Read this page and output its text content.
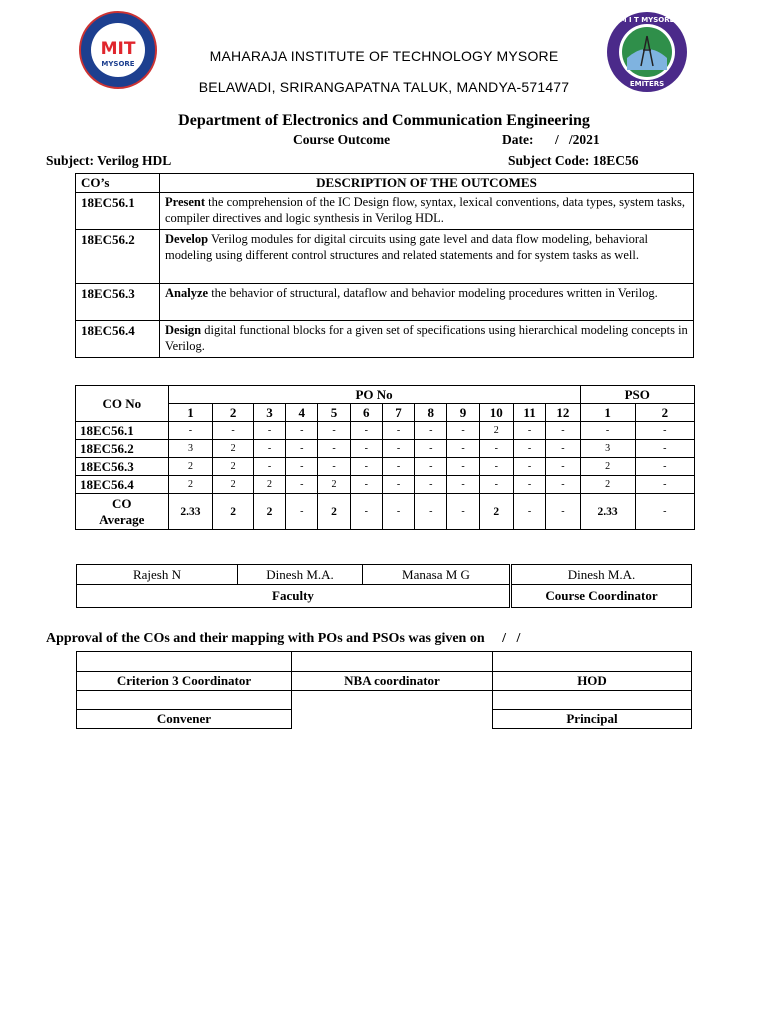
MIT
MYSORE
EMITERS
M I T MYSORE
MAHARAJA INSTITUTE OF TECHNOLOGY MYSORE
BELAWADI, SRIRANGAPATNA TALUK, MANDYA-571477
Department of Electronics and Communication Engineering
Course Outcome	Date: /   /2021
Subject: Verilog HDL	Subject Code: 18EC56
CO’s	DESCRIPTION OF THE OUTCOMES
18EC56.1	Present the comprehension of the IC Design flow, syntax, lexical conventions, data types, system tasks, compiler directives and logic synthesis in Verilog HDL.
18EC56.2	Develop Verilog modules for digital circuits using gate level and data flow modeling, behavioral modeling using different control structures and related statements and for system tasks as well.
18EC56.3	Analyze the behavior of structural, dataflow and behavior modeling procedures written in Verilog.
18EC56.4	Design digital functional blocks for a given set of specifications using hierarchical modeling concepts in Verilog.
CO No	PO No												PSO	
	1	2	3	4	5	6	7	8	9	10	11	12	1	2
18EC56.1	-	-	-	-	-	-	-	-	-	2	-	-	-	-
18EC56.2	3	2	-	-	-	-	-	-	-	-	-	-	3	-
18EC56.3	2	2	-	-	-	-	-	-	-	-	-	-	2	-
18EC56.4	2	2	2	-	2	-	-	-	-	-	-	-	2	-
CO
Average	2.33	2	2	-	2	-	-	-	-	2	-	-	2.33	-
Rajesh N	Dinesh M.A.	Manasa M G	Dinesh M.A.
Faculty			Course Coordinator
Approval of the COs and their mapping with POs and PSOs was given on /   /

Criterion 3 Coordinator	NBA coordinator	HOD

Convener		Principal
